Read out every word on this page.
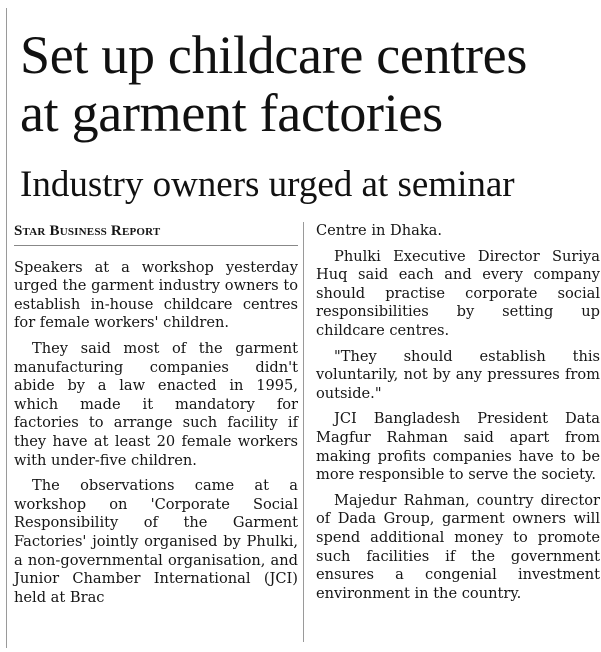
Set up childcare centres
at garment factories
Industry owners urged at seminar
Star Business Report

Speakers at a workshop yesterday urged the garment industry owners to establish in-house childcare centres for female workers' children.

They said most of the garment manufacturing companies didn't abide by a law enacted in 1995, which made it mandatory for factories to arrange such facility if they have at least 20 female workers with under-five children.

The observations came at a workshop on 'Corporate Social Responsibility of the Garment Factories' jointly organised by Phulki, a non-governmental organisation, and Junior Chamber International (JCI) held at Brac

Centre in Dhaka.

Phulki Executive Director Suriya Huq said each and every company should practise corporate social responsibilities by setting up childcare centres.

"They should establish this voluntarily, not by any pressures from outside."

JCI Bangladesh President Data Magfur Rahman said apart from making profits companies have to be more responsible to serve the society.

Majedur Rahman, country director of Dada Group, garment owners will spend additional money to promote such facilities if the government ensures a congenial investment environment in the country.
